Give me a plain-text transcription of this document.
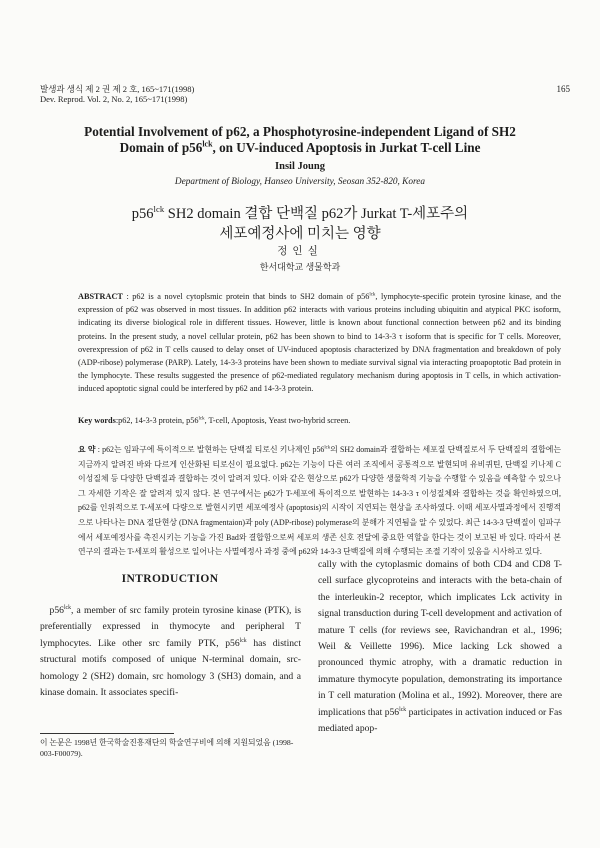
발생과 생식 제 2 권 제 2 호, 165~171(1998)
Dev. Reprod. Vol. 2, No. 2, 165~171(1998)
165
Potential Involvement of p62, a Phosphotyrosine-independent Ligand of SH2
Domain of $p56^{lck}$, on UV-induced Apoptosis in Jurkat T-cell Line
Insil Joung
Department of Biology, Hanseo University, Seosan 352-820, Korea
$p56^{lck}$ SH2 domain 결합 단백질 p62가 Jurkat T-세포주의
세포예정사에 미치는 영향
정인실
한서대학교 생물학과
ABSTRACT : p62 is a novel cytoplsmic protein that binds to SH2 domain of $p56^{lck}$, lymphocyte-specific protein tyrosine kinase, and the expression of p62 was observed in most tissues. In addition p62 interacts with various proteins including ubiquitin and atypical PKC isoform, indicating its diverse biological role in different tissues. However, little is known about functional connection between p62 and its binding proteins. In the present study, a novel cellular protein, p62 has been shown to bind to 14-3-3 τ isoform that is specific for T cells. Moreover, overexpression of p62 in T cells caused to delay onset of UV-induced apoptosis characterized by DNA fragmentation and breakdown of poly (ADP-ribose) polymerase (PARP). Lately, 14-3-3 proteins have been shown to mediate survival signal via interacting proapoptotic Bad protein in the lymphocyte. These results suggested the presence of p62-mediated regulatory mechanism during apoptosis in T cells, in which activation-induced apoptotic signal could be interfered by p62 and 14-3-3 protein.
Key words:p62, 14-3-3 protein, $p56^{lck}$, T-cell, Apoptosis, Yeast two-hybrid screen.
요 약 : p62는 임파구에 특이적으로 발현하는 단백질 티로신 키나제인 $p56^{lck}$의 SH2 domain과 결합하는 세포질 단백질로서 두 단백질의 결합에는 지금까지 알려진 바와 다르게 인산화된 티로신이 필요없다. p62는 기능이 다른 여러 조직에서 공통적으로 발현되며 유비퀴틴, 단백질 키나제 C 이성질체 등 다양한 단백질과 결합하는 것이 알려져 있다. 이와 같은 현상으로 p62가 다양한 생물학적 기능을 수행할 수 있음을 예측할 수 있으나 그 자세한 기작은 잘 알려져 있지 않다. 본 연구에서는 p62가 T-세포에 특이적으로 발현하는 14-3-3 τ 이성질체와 결합하는 것을 확인하였으며, p62를 인위적으로 T-세포에 다량으로 발현시키면 세포예정사 (apoptosis)의 시작이 지연되는 현상을 조사하였다. 이때 세포사멸과정에서 진행적으로 나타나는 DNA 절단현상 (DNA fragmentaion)과 poly (ADP-ribose) polymerase의 분해가 지연됨을 알 수 있었다. 최근 14-3-3 단백질이 임파구에서 세포예정사를 촉진시키는 기능을 가진 Bad와 결합함으로써 세포의 생존 신호 전달에 중요한 역할을 한다는 것이 보고된 바 있다. 따라서 본 연구의 결과는 T-세포의 활성으로 일어나는 사멸예정사 과정 중에 p62와 14-3-3 단백질에 의해 수행되는 조절 기작이 있음을 시사하고 있다.
INTRODUCTION
$p56^{lck}$, a member of src family protein tyrosine kinase (PTK), is preferentially expressed in thymocyte and peripheral T lymphocytes. Like other src family PTK, $p56^{lck}$ has distinct structural motifs composed of unique N-terminal domain, src-homology 2 (SH2) domain, src homology 3 (SH3) domain, and a kinase domain. It associates specifi-
cally with the cytoplasmic domains of both CD4 and CD8 T-cell surface glycoproteins and interacts with the beta-chain of the interleukin-2 receptor, which implicates Lck activity in signal transduction during T-cell development and activation of mature T cells (for reviews see, Ravichandran et al., 1996; Weil & Veillette 1996). Mice lacking Lck showed a pronounced thymic atrophy, with a dramatic reduction in immature thymocyte population, demonstrating its importance in T cell maturation (Molina et al., 1992). Moreover, there are implications that $p56^{lck}$ participates in activation induced or Fas mediated apop-
이 논문은 1998년 한국학술진흥재단의 학술연구비에 의해 지원되었음 (1998-003-F00079).
